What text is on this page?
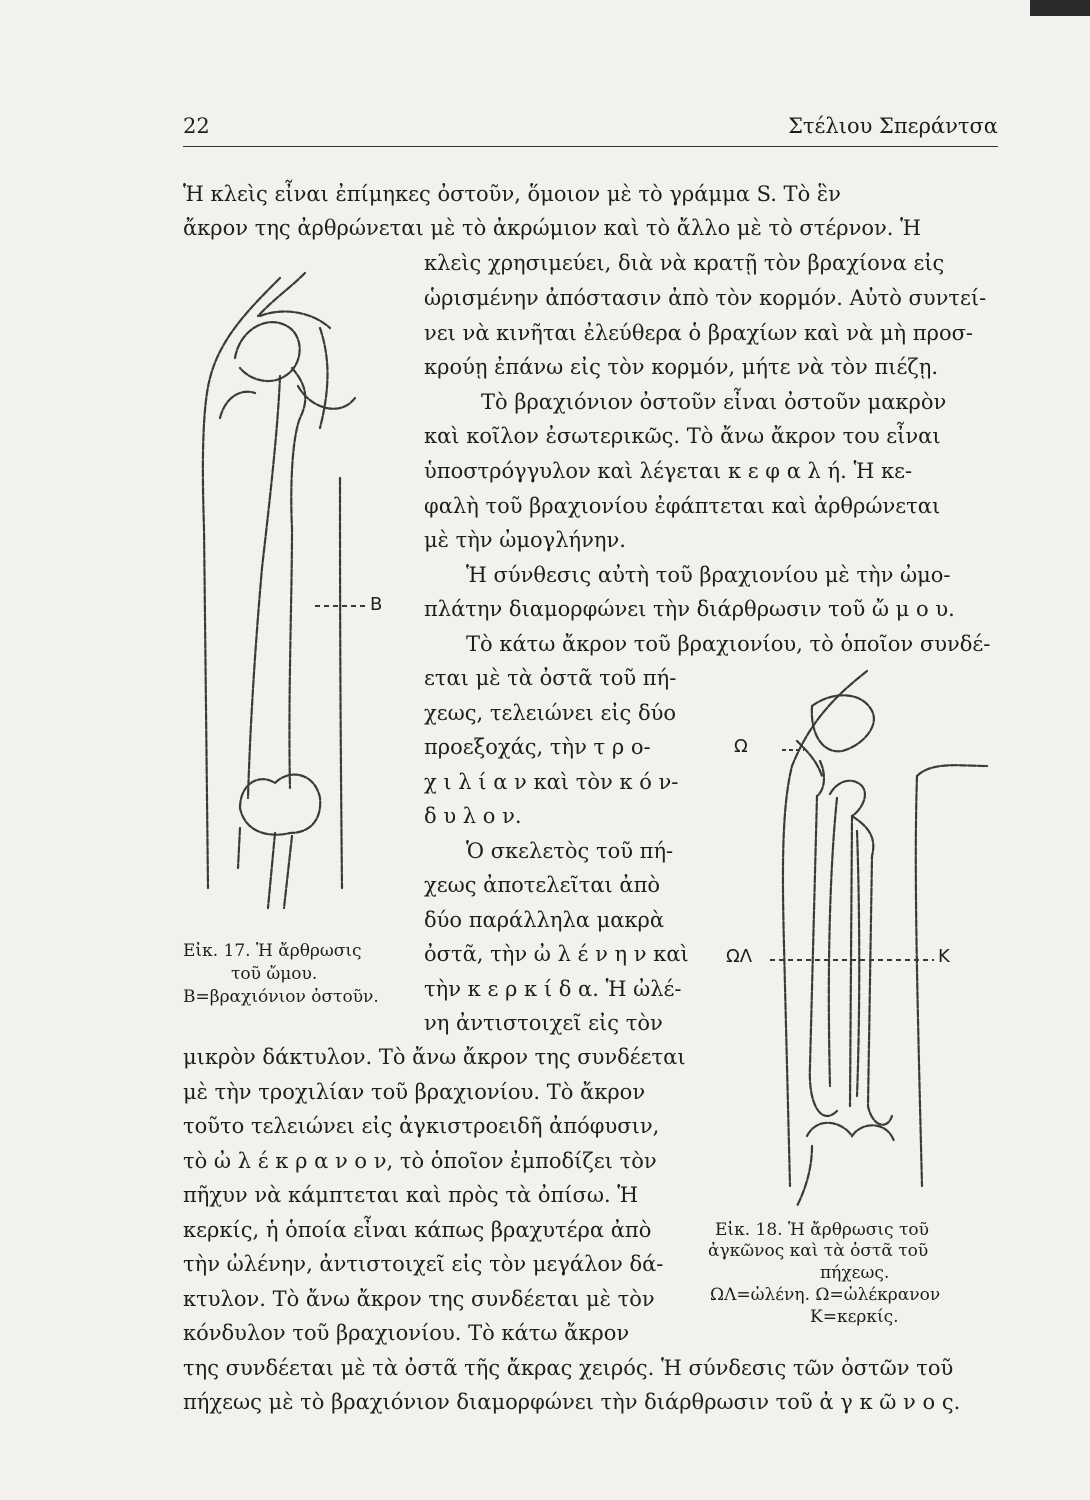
22	Στέλιου Σπεράντσα
Ἡ κλεὶς εἶναι ἐπίμηκες ὀστοῦν, ὅμοιον μὲ τὸ γράμμα S. Τὸ ἓν
ἄκρον της ἀρθρώνεται μὲ τὸ ἀκρώμιον καὶ τὸ ἄλλο μὲ τὸ στέρνον. Ἡ
κλεὶς χρησιμεύει, διὰ νὰ κρατῇ τὸν βραχίονα εἰς
ὡρισμένην ἀπόστασιν ἀπὸ τὸν κορμόν. Αὐτὸ συντεί-
νει νὰ κινῆται ἐλεύθερα ὁ βραχίων καὶ νὰ μὴ προσ-
κρούῃ ἐπάνω εἰς τὸν κορμόν, μήτε νὰ τὸν πιέζῃ.
Τὸ βραχιόνιον ὀστοῦν εἶναι ὀστοῦν μακρὸν
καὶ κοῖλον ἐσωτερικῶς. Τὸ ἄνω ἄκρον του εἶναι
ὑποστρόγγυλον καὶ λέγεται κ ε φ α λ ή. Ἡ κε-
φαλὴ τοῦ βραχιονίου ἐφάπτεται καὶ ἀρθρώνεται
μὲ τὴν ὠμογλήνην.
Ἡ σύνθεσις αὐτὴ τοῦ βραχιονίου μὲ τὴν ὠμο-
πλάτην διαμορφώνει τὴν διάρθρωσιν τοῦ ὤ μ ο υ.
Τὸ κάτω ἄκρον τοῦ βραχιονίου, τὸ ὁποῖον συνδέ-
εται μὲ τὰ ὀστᾶ τοῦ πή-
χεως, τελειώνει εἰς δύο
προεξοχάς, τὴν τ ρ ο-
χ ι λ ί α ν καὶ τὸν κ ό ν-
δ υ λ ο ν.
Ὁ σκελετὸς τοῦ πή-
χεως ἀποτελεῖται ἀπὸ
δύο παράλληλα μακρὰ
ὀστᾶ, τὴν ὠ λ έ ν η ν καὶ
τὴν κ ε ρ κ ί δ α. Ἡ ὠλέ-
νη ἀντιστοιχεῖ εἰς τὸν
μικρὸν δάκτυλον. Τὸ ἄνω ἄκρον της συνδέεται
μὲ τὴν τροχιλίαν τοῦ βραχιονίου. Τὸ ἄκρον
τοῦτο τελειώνει εἰς ἀγκιστροειδῆ ἀπόφυσιν,
τὸ ὠ λ έ κ ρ α ν ο ν, τὸ ὁποῖον ἐμποδίζει τὸν
πῆχυν νὰ κάμπτεται καὶ πρὸς τὰ ὀπίσω. Ἡ
κερκίς, ἡ ὁποία εἶναι κάπως βραχυτέρα ἀπὸ
τὴν ὠλένην, ἀντιστοιχεῖ εἰς τὸν μεγάλον δά-
κτυλον. Τὸ ἄνω ἄκρον της συνδέεται μὲ τὸν
κόνδυλον τοῦ βραχιονίου. Τὸ κάτω ἄκρον
της συνδέεται μὲ τὰ ὀστᾶ τῆς ἄκρας χειρός. Ἡ σύνδεσις τῶν ὀστῶν τοῦ
πήχεως μὲ τὸ βραχιόνιον διαμορφώνει τὴν διάρθρωσιν τοῦ ἀ γ κ ῶ ν ο ς.
B
Εἰκ. 17. Ἡ ἄρθρωσις
τοῦ ὤμου.
Β=βραχιόνιον ὀστοῦν.
Ω
ΩΛ	K
Εἰκ. 18. Ἡ ἄρθρωσις τοῦ
ἀγκῶνος καὶ τὰ ὀστᾶ τοῦ
πήχεως.
ΩΛ=ὠλένη. Ω=ὠλέκρανον
Κ=κερκίς.
